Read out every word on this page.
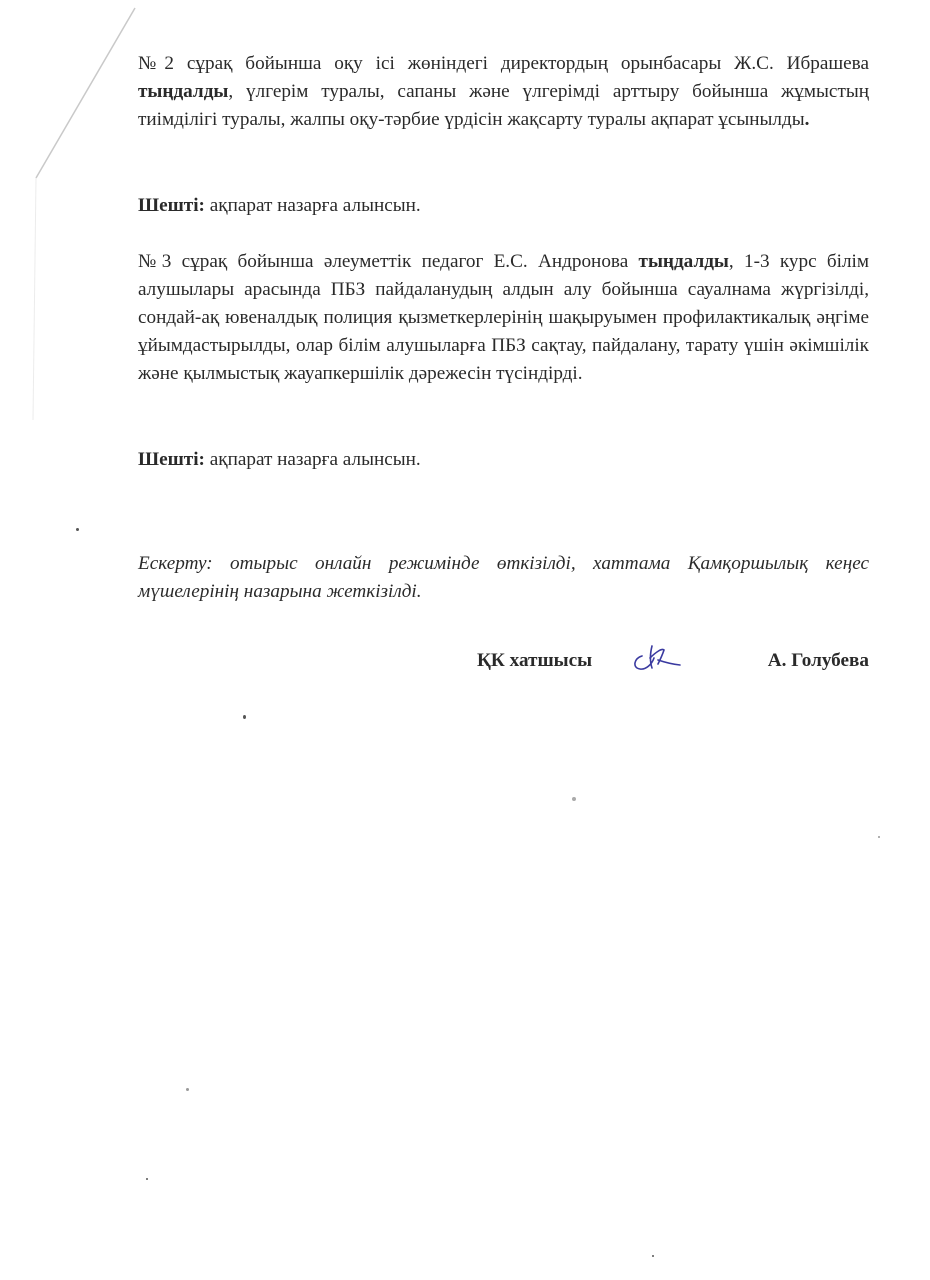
№2 сұрақ бойынша оқу ісі жөніндегі директордың орынбасары Ж.С. Ибрашева тыңдалды, үлгерім туралы, сапаны және үлгерімді арттыру бойынша жұмыстың тиімділігі туралы, жалпы оқу-тәрбие үрдісін жақсарту туралы ақпарат ұсынылды.

Шешті: ақпарат назарға алынсын.

№3 сұрақ бойынша әлеуметтік педагог Е.С. Андронова тыңдалды, 1-3 курс білім алушылары арасында ПБЗ пайдаланудың алдын алу бойынша сауалнама жүргізілді, сондай-ақ ювеналдық полиция қызметкерлерінің шақыруымен профилактикалық әңгіме ұйымдастырылды, олар білім алушыларға ПБЗ сақтау, пайдалану, тарату үшін әкімшілік және қылмыстық жауапкершілік дәрежесін түсіндірді.

Шешті: ақпарат назарға алынсын.

Ескерту: отырыс онлайн режимінде өткізілді, хаттама Қамқоршылық кеңес мүшелерінің назарына жеткізілді.

ҚК хатшысы	А. Голубева
